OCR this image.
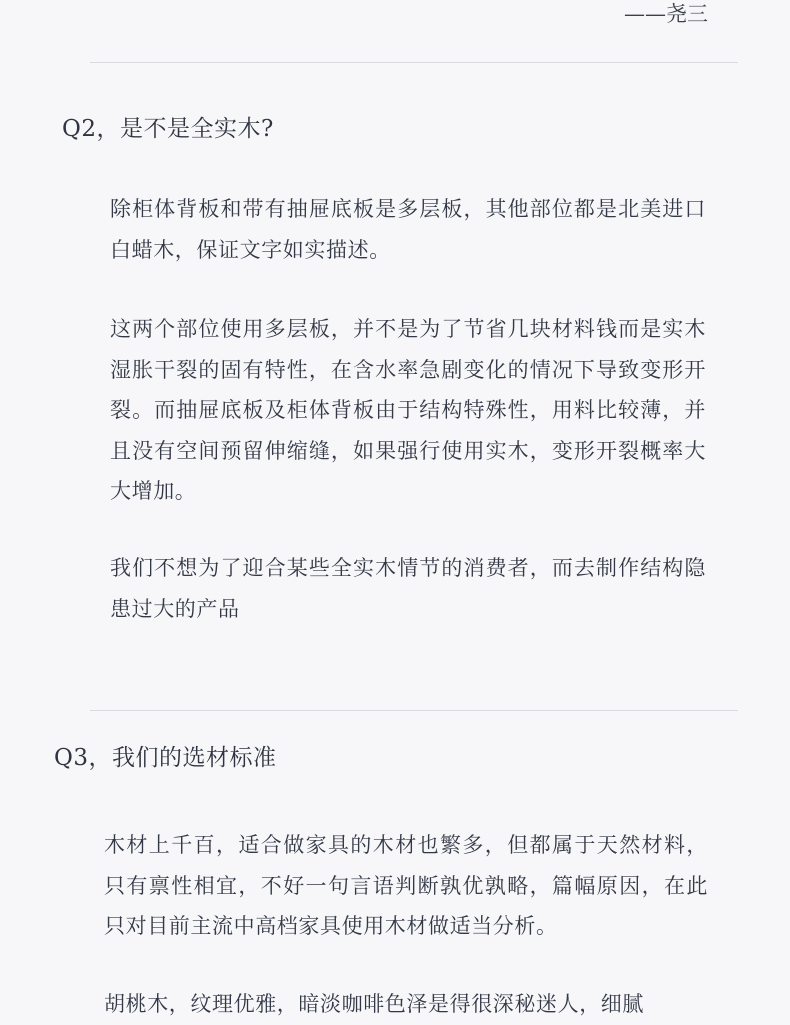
——尧三
Q2，是不是全实木?
除柜体背板和带有抽屉底板是多层板，其他部位都是北美进口白蜡木，保证文字如实描述。
这两个部位使用多层板，并不是为了节省几块材料钱而是实木湿胀干裂的固有特性，在含水率急剧变化的情况下导致变形开裂。而抽屉底板及柜体背板由于结构特殊性，用料比较薄，并且没有空间预留伸缩缝，如果强行使用实木，变形开裂概率大大增加。
我们不想为了迎合某些全实木情节的消费者，而去制作结构隐患过大的产品
Q3，我们的选材标准
木材上千百，适合做家具的木材也繁多，但都属于天然材料，只有禀性相宜，不好一句言语判断孰优孰略，篇幅原因，在此只对目前主流中高档家具使用木材做适当分析。
胡桃木，纹理优雅，暗淡咖啡色泽是得很深秘迷人，细腻
